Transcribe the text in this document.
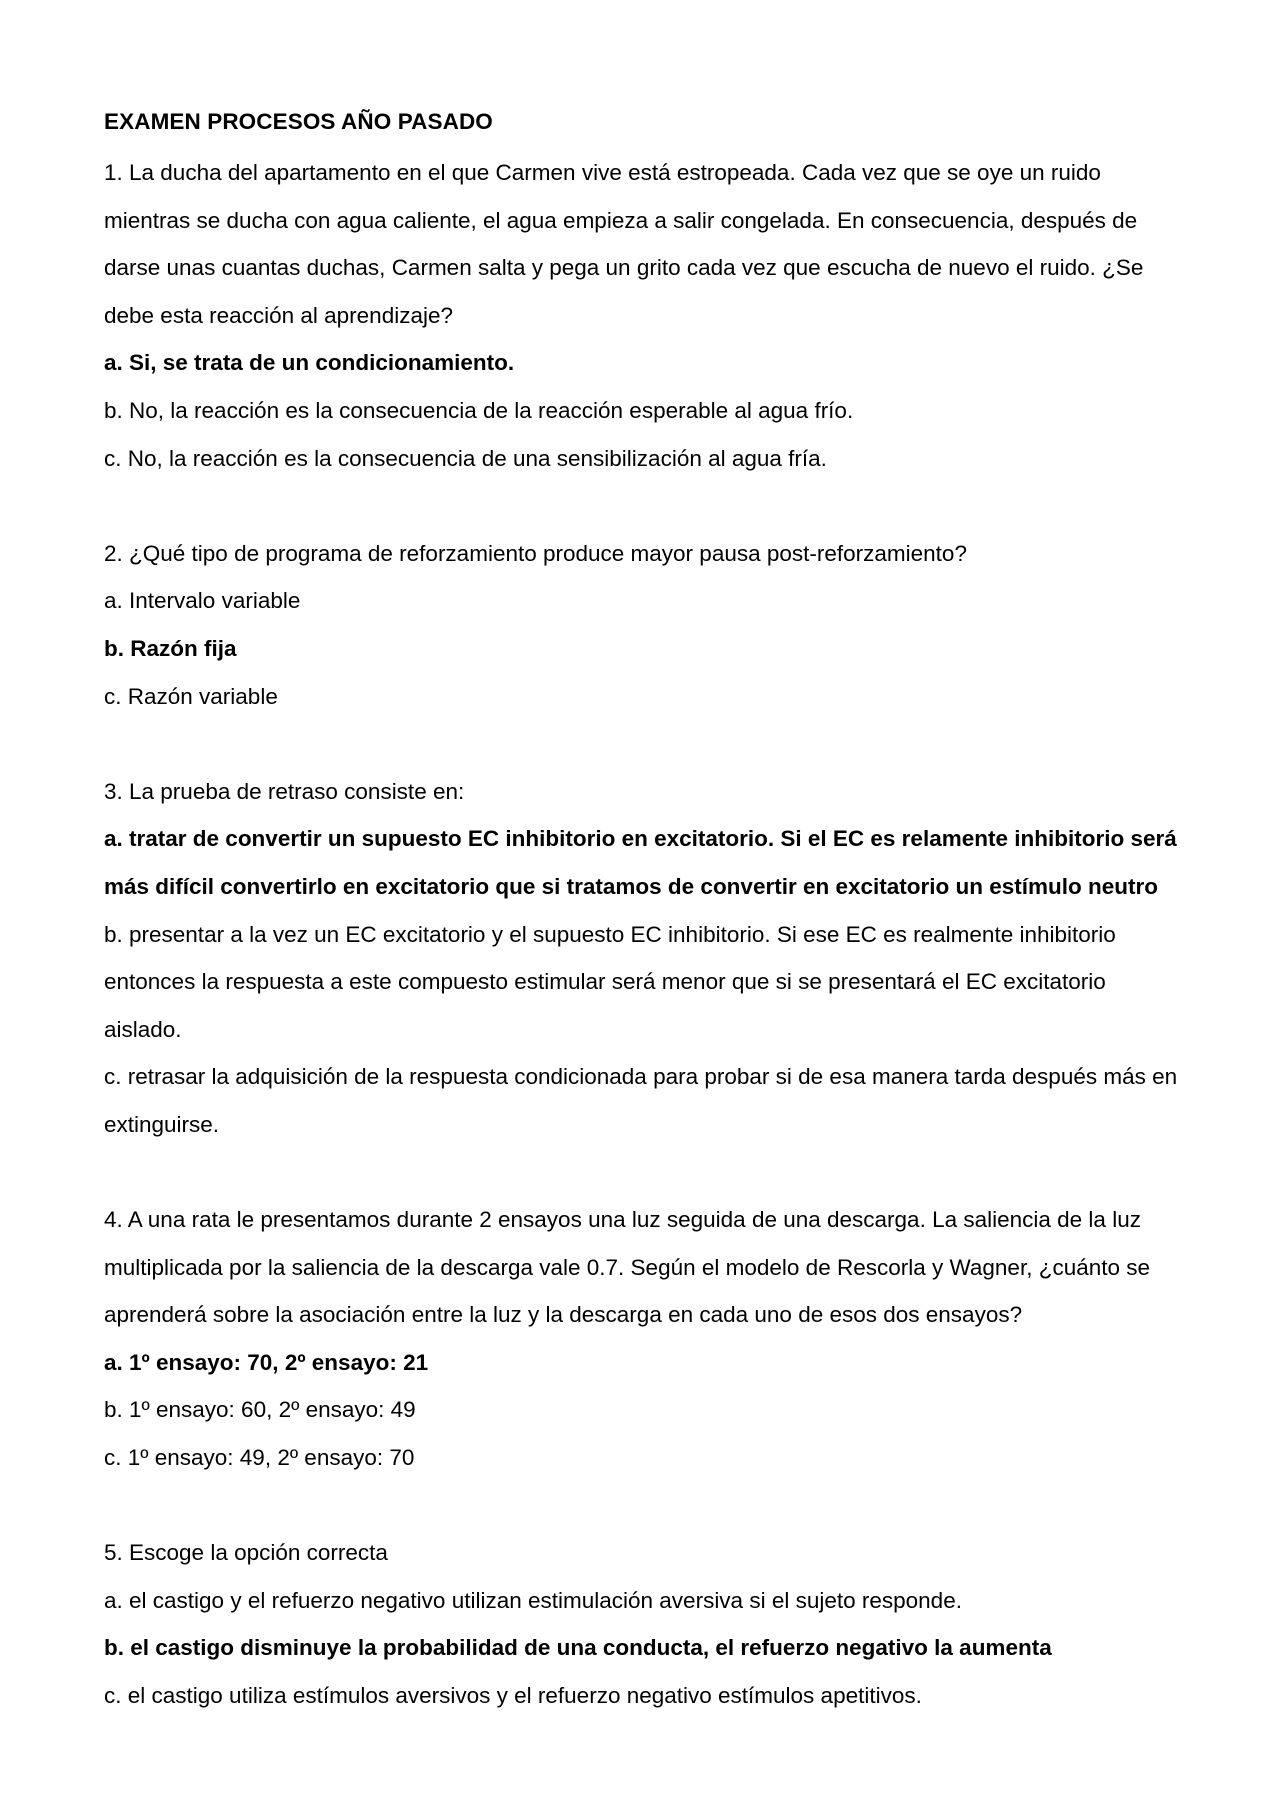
EXAMEN PROCESOS AÑO PASADO
1. La ducha del apartamento en el que Carmen vive está estropeada. Cada vez que se oye un ruido mientras se ducha con agua caliente, el agua empieza a salir congelada. En consecuencia, después de darse unas cuantas duchas, Carmen salta y pega un grito cada vez que escucha de nuevo el ruido. ¿Se debe esta reacción al aprendizaje?
a. Si, se trata de un condicionamiento.
b. No, la reacción es la consecuencia de la reacción esperable al agua frío.
c. No, la reacción es la consecuencia de una sensibilización al agua fría.
2. ¿Qué tipo de programa de reforzamiento produce mayor pausa post-reforzamiento?
a. Intervalo variable
b. Razón fija
c. Razón variable
3. La prueba de retraso consiste en:
a. tratar de convertir un supuesto EC inhibitorio en excitatorio. Si el EC es relamente inhibitorio será más difícil convertirlo en excitatorio que si tratamos de convertir en excitatorio un estímulo neutro
b. presentar a la vez un EC excitatorio y el supuesto EC inhibitorio. Si ese EC es realmente inhibitorio entonces la respuesta a este compuesto estimular será menor que si se presentará el EC excitatorio aislado.
c. retrasar la adquisición de la respuesta condicionada para probar si de esa manera tarda después más en extinguirse.
4. A una rata le presentamos durante 2 ensayos una luz seguida de una descarga. La saliencia de la luz multiplicada por la saliencia de la descarga vale 0.7. Según el modelo de Rescorla y Wagner, ¿cuánto se aprenderá sobre la asociación entre la luz y la descarga en cada uno de esos dos ensayos?
a. 1º ensayo: 70, 2º ensayo: 21
b. 1º ensayo: 60, 2º ensayo: 49
c. 1º ensayo: 49, 2º ensayo: 70
5. Escoge la opción correcta
a. el castigo y el refuerzo negativo utilizan estimulación aversiva si el sujeto responde.
b. el castigo disminuye la probabilidad de una conducta, el refuerzo negativo la aumenta
c. el castigo utiliza estímulos aversivos y el refuerzo negativo estímulos apetitivos.
